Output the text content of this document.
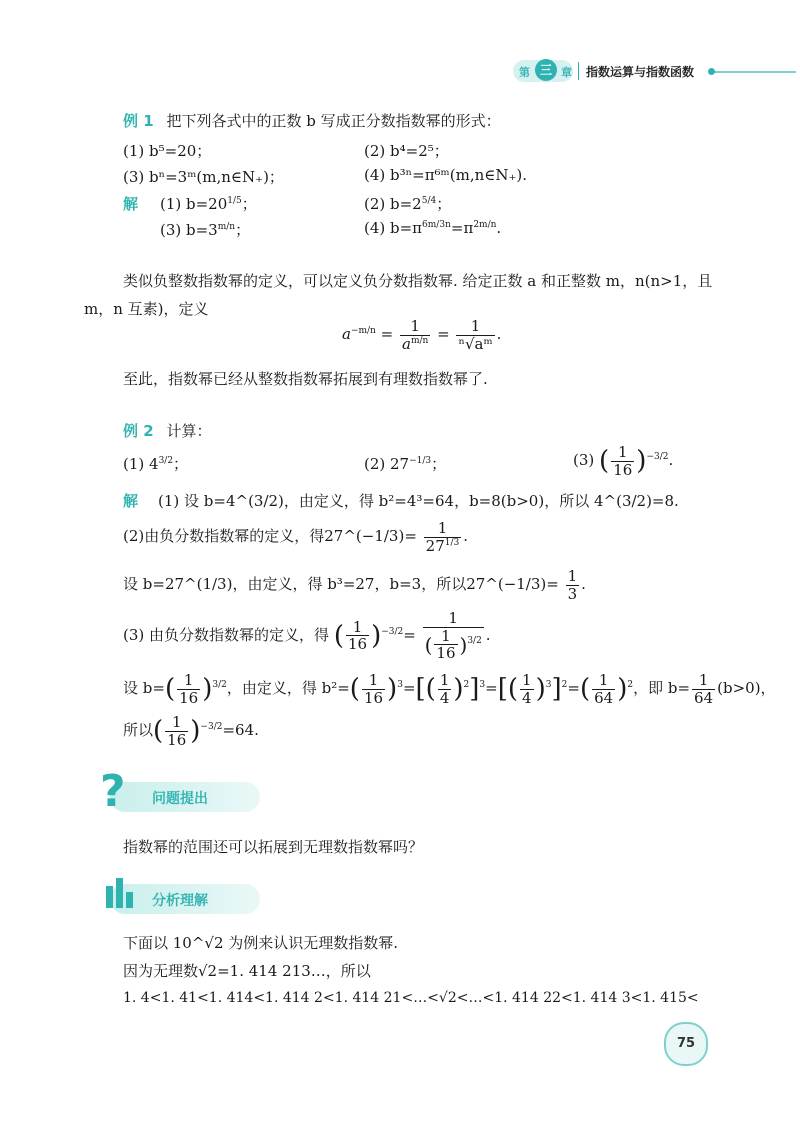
第 三 章 指数运算与指数函数
例 1 把下列各式中的正数 b 写成正分数指数幂的形式：
(1) b⁵=20；	(2) b⁴=2⁵；
(3) bⁿ=3ᵐ(m,n∈N₊)；	(4) b³ⁿ=π⁶ᵐ(m,n∈N₊).
解 (1) $b=20^{1/5}$；	(2) $b=2^{5/4}$；
(3) $b=3^{m/n}$；	(4) $b=\pi^{6m/3n}=\pi^{2m/n}$.
类似负整数指数幂的定义，可以定义负分数指数幂. 给定正数 a 和正整数 m，n(n>1，且
m，n 互素)，定义
$a^{-m/n} = \frac{1}{a^{m/n}} = \frac{1}{\text{ⁿ√aᵐ}}$ .
至此，指数幂已经从整数指数幂拓展到有理数指数幂了.
例 2 计算：
(1) $4^{3/2}$；	(2) $27^{-1/3}$；	(3) ( $\frac{1}{16} )^{-3/2}$.
解 (1) 设 b=4^(3/2)，由定义，得 b²=4³=64，b=8(b>0)，所以 4^(3/2)=8.
(2)由负分数指数幂的定义，得27^(−1/3)= $\frac{1}{27^{1/3}}$ .
设 b=27^(1/3)，由定义，得 b³=27，b=3，所以27^(−1/3)= $\frac{1}{3}$ .
(3) 由负分数指数幂的定义，得 ( $\frac{1}{16} )^{-3/2}= \frac{1}{( \frac{1}{16} )^{3/2}}$ .
设 $b=( \frac{1}{16} )^{3/2}$，由定义，得 $b^2=( \frac{1}{16} )^3=[( \frac{1}{4} )^2]^3=[( \frac{1}{4} )^3]^2=( \frac{1}{64} )^2$，即 $b= \frac{1}{64} (b>0)$，
所以( $\frac{1}{16} )^{-3/2}=64$.
? 问题提出
指数幂的范围还可以拓展到无理数指数幂吗？
分析理解
下面以 10^√2 为例来认识无理数指数幂.
因为无理数√2=1. 414 213…，所以
1. 4<1. 41<1. 414<1. 414 2<1. 414 21<…<√2<…<1. 414 22<1. 414 3<1. 415<
75
